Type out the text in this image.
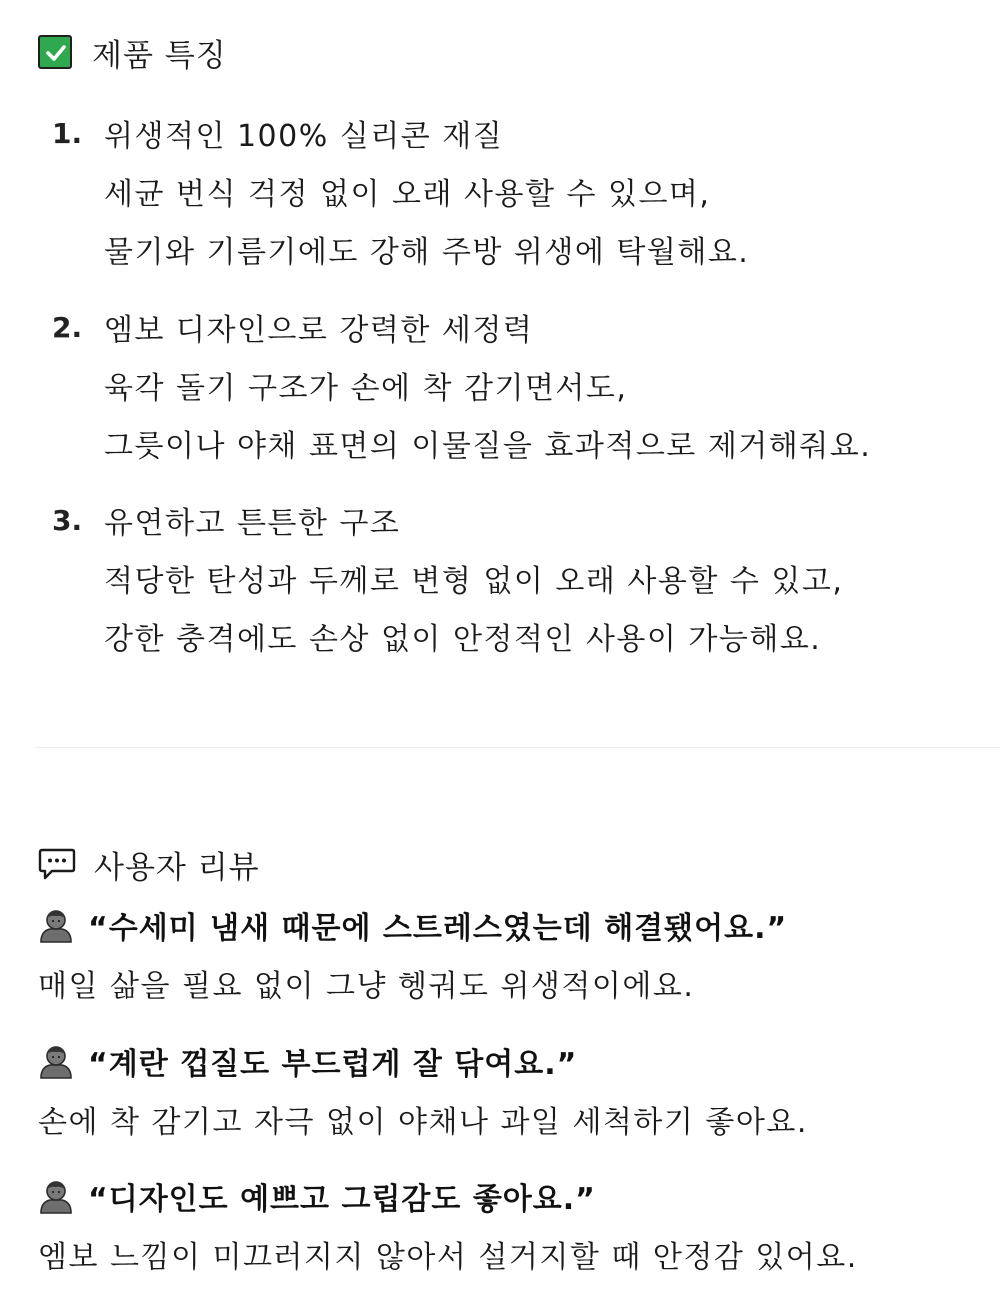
제품 특징
1. 위생적인 100% 실리콘 재질
세균 번식 걱정 없이 오래 사용할 수 있으며,
물기와 기름기에도 강해 주방 위생에 탁월해요.
2. 엠보 디자인으로 강력한 세정력
육각 돌기 구조가 손에 착 감기면서도,
그릇이나 야채 표면의 이물질을 효과적으로 제거해줘요.
3. 유연하고 튼튼한 구조
적당한 탄성과 두께로 변형 없이 오래 사용할 수 있고,
강한 충격에도 손상 없이 안정적인 사용이 가능해요.
사용자 리뷰
“수세미 냄새 때문에 스트레스였는데 해결됐어요.”
매일 삶을 필요 없이 그냥 헹궈도 위생적이에요.
“계란 껍질도 부드럽게 잘 닦여요.”
손에 착 감기고 자극 없이 야채나 과일 세척하기 좋아요.
“디자인도 예쁘고 그립감도 좋아요.”
엠보 느낌이 미끄러지지 않아서 설거지할 때 안정감 있어요.
